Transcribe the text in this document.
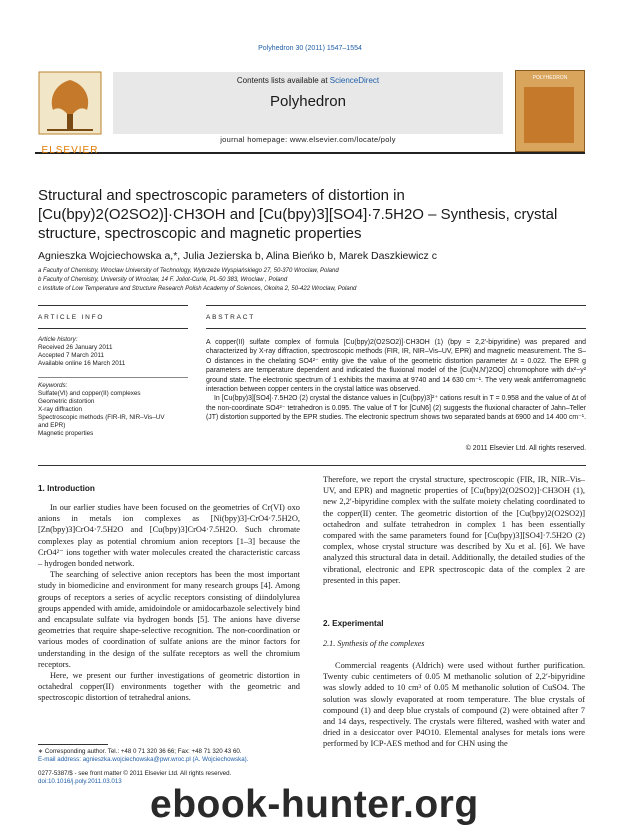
Polyhedron 30 (2011) 1547–1554
ELSEVIER
Contents lists available at ScienceDirect
Polyhedron
journal homepage: www.elsevier.com/locate/poly
POLYHEDRON
Structural and spectroscopic parameters of distortion in
[Cu(bpy)2(O2SO2)]·CH3OH and [Cu(bpy)3][SO4]·7.5H2O – Synthesis, crystal
structure, spectroscopic and magnetic properties
Agnieszka Wojciechowska a,*, Julia Jezierska b, Alina Bieńko b, Marek Daszkiewicz c
a Faculty of Chemistry, Wroclaw University of Technology, Wybrzeże Wyspiańskiego 27, 50-370 Wroclaw, Poland
b Faculty of Chemistry, University of Wroclaw, 14 F. Joliot-Curie, PL-50 383, Wroclaw , Poland
c Institute of Low Temperature and Structure Research Polish Academy of Sciences, Okolna 2, 50-422 Wroclaw, Poland
ARTICLE INFO	ABSTRACT
Article history:
Received 26 January 2011
Accepted 7 March 2011
Available online 16 March 2011
Keywords:
Sulfate(VI) and copper(II) complexes
Geometric distortion
X-ray diffraction
Spectroscopic methods (FIR-IR, NIR–Vis–UV
and EPR)
Magnetic properties

A copper(II) sulfate complex of formula [Cu(bpy)2(O2SO2)]·CH3OH (1) (bpy = 2,2′-bipyridine) was prepared and characterized by X-ray diffraction, spectroscopic methods (FIR, IR, NIR–Vis–UV, EPR) and magnetic measurement. The S–O distances in the chelating SO4²⁻ entity give the value of the geometric distortion parameter Δt = 0.022. The EPR g parameters are temperature dependent and indicated the fluxional model of the [Cu(N,N′)2OO] chromophore with dx²−y² ground state. The electronic spectrum of 1 exhibits the maxima at 9740 and 14 630 cm⁻¹. The very weak antiferromagnetic interaction between copper centers in the crystal lattice was observed.

In [Cu(bpy)3][SO4]·7.5H2O (2) crystal the distance values in [Cu(bpy)3]²⁺ cations result in T = 0.958 and the value of Δt of the non-coordinate SO4²⁻ tetrahedron is 0.095. The value of T for [CuN6] (2) suggests the fluxional character of Jahn–Teller (JT) distortion supported by the EPR studies. The electronic spectrum shows two separated bands at 6900 and 14 400 cm⁻¹.

© 2011 Elsevier Ltd. All rights reserved.
1. Introduction

In our earlier studies have been focused on the geometries of Cr(VI) oxo anions in metals ion complexes as [Ni(bpy)3]-CrO4·7.5H2O, [Zn(bpy)3]CrO4·7.5H2O and [Cu(bpy)3]CrO4·7.5H2O. Such chromate complexes play as potential chromium anion receptors [1–3] because the CrO4²⁻ ions together with water molecules created the characteristic carcass – hydrogen bonded network.

The searching of selective anion receptors has been the most important study in biomedicine and environment for many research groups [4]. Among groups of receptors a series of acyclic receptors consisting of diindolylurea groups appended with amide, amidoindole or amidocarbazole selectively bind and encapsulate sulfate via hydrogen bonds [5]. The anions have diverse geometries that require shape-selective recognition. The non-coordination or various modes of coordination of sulfate anions are the minor factors for understanding in the design of the sulfate receptors as well the chromium receptors.

Here, we present our further investigations of geometric distortion in octahedral copper(II) environments together with the geometric and spectroscopic distortion of tetrahedral anions.

Therefore, we report the crystal structure, spectroscopic (FIR, IR, NIR–Vis–UV, and EPR) and magnetic properties of [Cu(bpy)2(O2SO2)]·CH3OH (1), new 2,2′-bipyridine complex with the sulfate moiety chelating coordinated to the copper(II) center. The geometric distortion of the [Cu(bpy)2(O2SO2)] octahedron and sulfate tetrahedron in complex 1 has been essentially compared with the same parameters found for [Cu(bpy)3][SO4]·7.5H2O (2) complex, whose crystal structure was described by Xu et al. [6]. We have analyzed this structural data in detail. Additionally, the detailed studies of the vibrational, electronic and EPR spectroscopic data of the complex 2 are presented in this paper.

2. Experimental
2.1. Synthesis of the complexes

Commercial reagents (Aldrich) were used without further purification. Twenty cubic centimeters of 0.05 M methanolic solution of 2,2′-bipyridine was slowly added to 10 cm³ of 0.05 M methanolic solution of CuSO4. The solution was slowly evaporated at room temperature. The blue crystals of compound (1) and deep blue crystals of compound (2) were obtained after 7 and 14 days, respectively. The crystals were filtered, washed with water and dried in a desiccator over P4O10. Elemental analyses for metals ions were performed by ICP-AES method and for CHN using the

∗ Corresponding author. Tel.: +48 0 71 320 36 66; Fax: +48 71 320 43 60.
E-mail address: agnieszka.wojciechowska@pwr.wroc.pl (A. Wojciechowska).
0277-5387/$ - see front matter © 2011 Elsevier Ltd. All rights reserved.
doi:10.1016/j.poly.2011.03.013
ebook-hunter.org
